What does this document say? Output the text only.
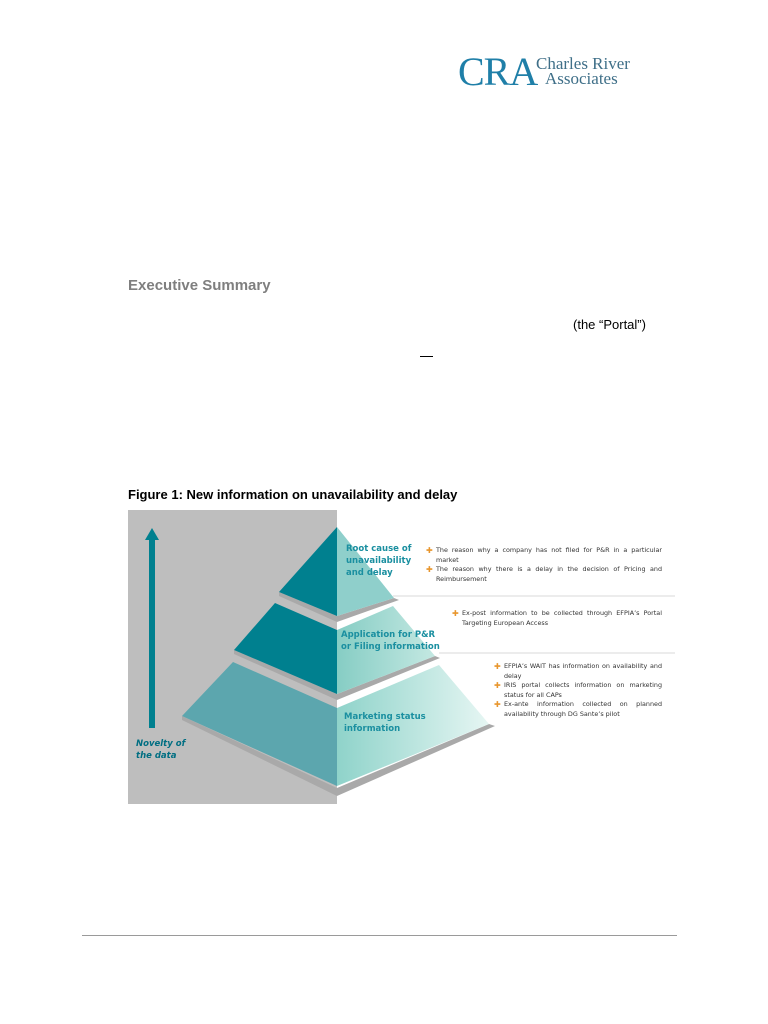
CRA
Charles River
Associates
Executive Summary
(the “Portal”)
Figure 1: New information on unavailability and delay
Novelty of the data
Root cause of unavailability and delay
Application for P&R or Filing information
Marketing status information
✚ The reason why a company has not filed for P&R in a particular market
✚ The reason why there is a delay in the decision of Pricing and Reimbursement
✚ Ex-post information to be collected through EFPIA’s Portal Targeting European Access
✚ EFPIA’s WAIT has information on availability and delay
✚ IRIS portal collects information on marketing status for all CAPs
✚ Ex-ante information collected on planned availability through DG Sante’s pilot
